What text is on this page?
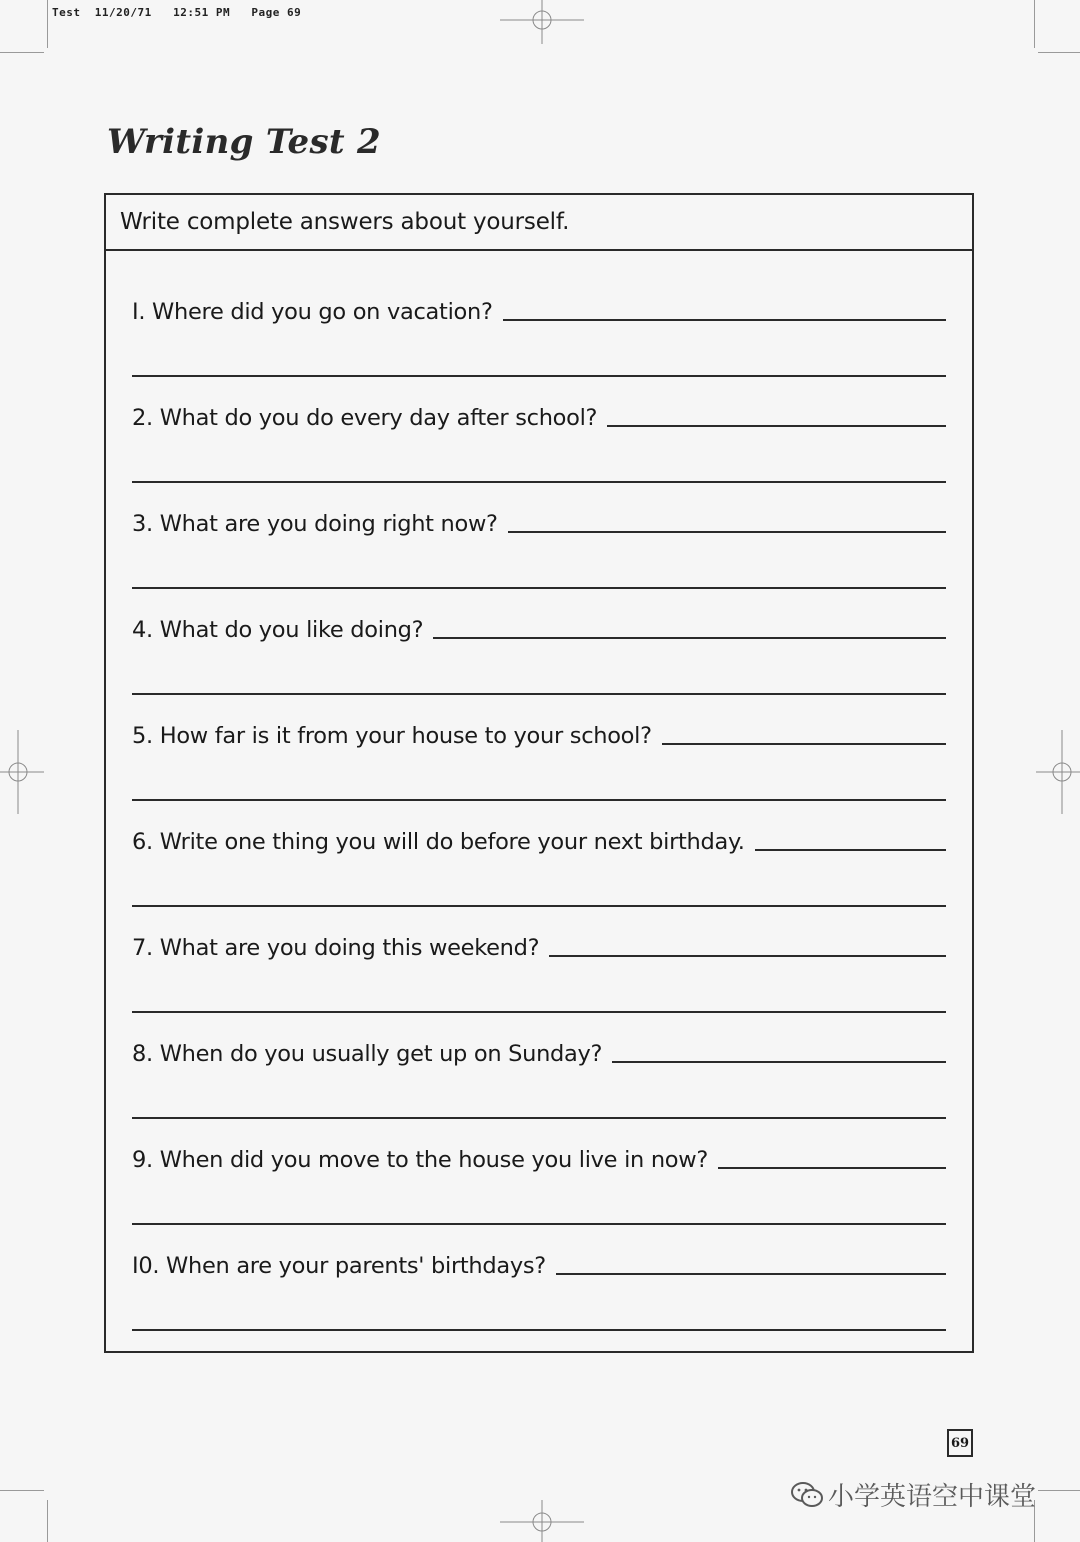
Test  11/20/71   12:51 PM   Page 69
Writing Test 2
Write complete answers about yourself.
I. Where did you go on vacation?
2. What do you do every day after school?
3. What are you doing right now?
4. What do you like doing?
5. How far is it from your house to your school?
6. Write one thing you will do before your next birthday.
7. What are you doing this weekend?
8. When do you usually get up on Sunday?
9. When did you move to the house you live in now?
I0. When are your parents' birthdays?
69
小学英语空中课堂
